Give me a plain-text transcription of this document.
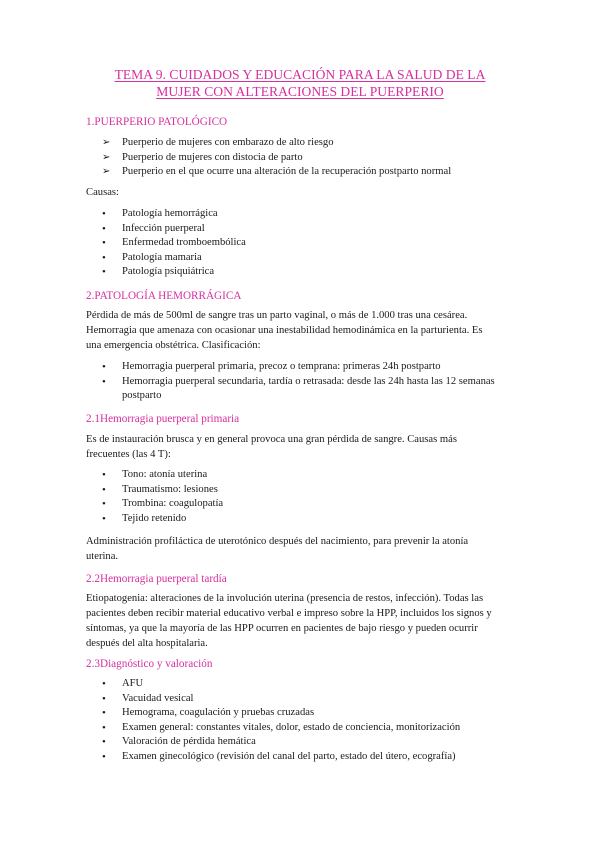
TEMA 9. CUIDADOS Y EDUCACIÓN PARA LA SALUD DE LA
MUJER CON ALTERACIONES DEL PUERPERIO

1.PUERPERIO PATOLÓGICO

➢	Puerperio de mujeres con embarazo de alto riesgo
➢	Puerperio de mujeres con distocia de parto
➢	Puerperio en el que ocurre una alteración de la recuperación postparto normal

Causas:

•	Patología hemorrágica
•	Infección puerperal
•	Enfermedad tromboembólica
•	Patología mamaria
•	Patología psiquiátrica

2.PATOLOGÍA HEMORRÁGICA

Pérdida de más de 500ml de sangre tras un parto vaginal, o más de 1.000 tras una cesárea.
Hemorragia que amenaza con ocasionar una inestabilidad hemodinámica en la parturienta. Es
una emergencia obstétrica. Clasificación:
•	Hemorragia puerperal primaria, precoz o temprana: primeras 24h postparto
•	Hemorragia puerperal secundaria, tardía o retrasada: desde las 24h hasta las 12 semanas postparto

2.1Hemorragia puerperal primaria

Es de instauración brusca y en general provoca una gran pérdida de sangre. Causas más
frecuentes (las 4 T):
•	Tono: atonía uterina
•	Traumatismo: lesiones
•	Trombina: coagulopatía
•	Tejido retenido
Administración profiláctica de uterotónico después del nacimiento, para prevenir la atonía
uterina.

2.2Hemorragia puerperal tardía

Etiopatogenia: alteraciones de la involución uterina (presencia de restos, infección). Todas las
pacientes deben recibir material educativo verbal e impreso sobre la HPP, incluidos los signos y
síntomas, ya que la mayoría de las HPP ocurren en pacientes de bajo riesgo y pueden ocurrir
después del alta hospitalaria.

2.3Diagnóstico y valoración

•	AFU
•	Vacuidad vesical
•	Hemograma, coagulación y pruebas cruzadas
•	Examen general: constantes vitales, dolor, estado de conciencia, monitorización
•	Valoración de pérdida hemática
•	Examen ginecológico (revisión del canal del parto, estado del útero, ecografía)
